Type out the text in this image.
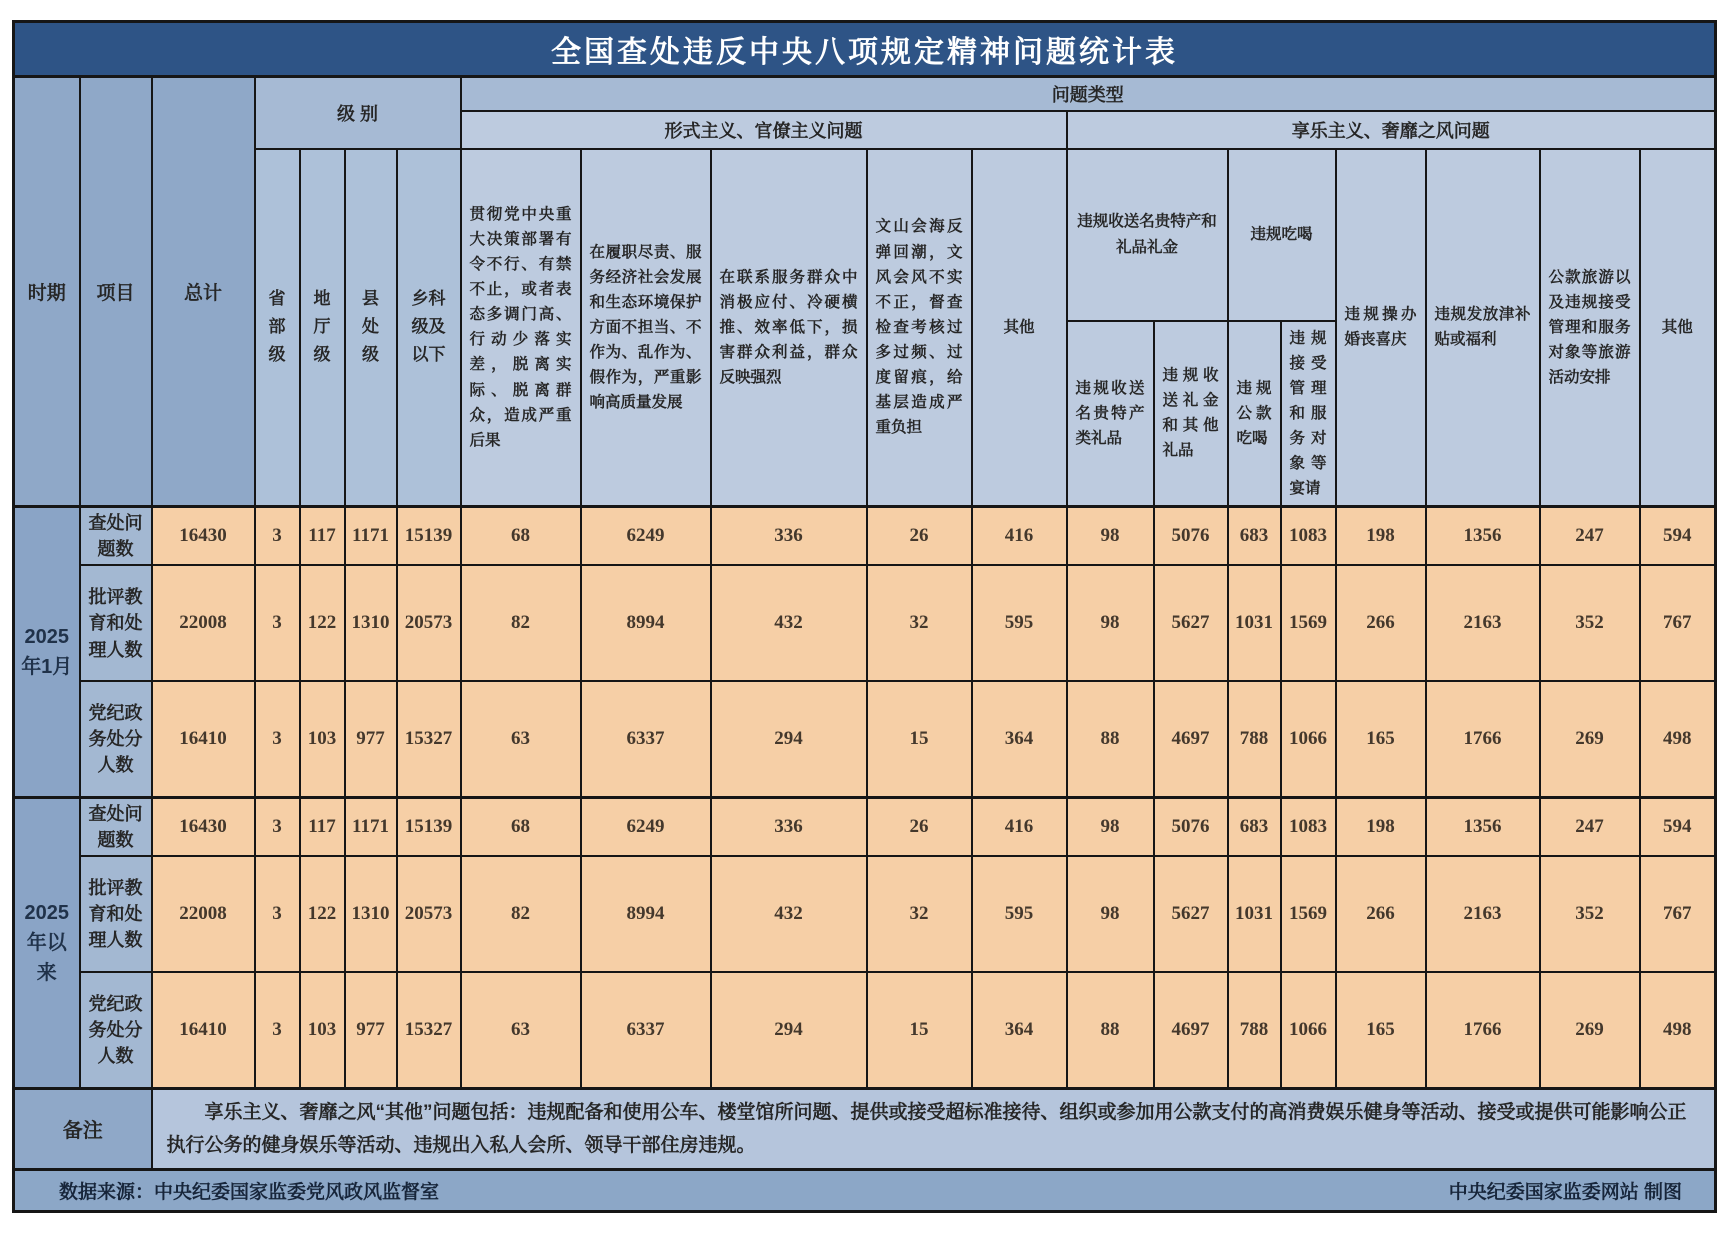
全国查处违反中央八项规定精神问题统计表																			
时期	项目	总计	级 别				问题类型												
							形式主义、官僚主义问题					享乐主义、奢靡之风问题							
			省部级	地厅级	县处级	乡科级及以下	贯彻党中央重大决策部署有令不行、有禁不止，或者表态多调门高、行动少落实差，脱离实际、脱离群众，造成严重后果	在履职尽责、服务经济社会发展和生态环境保护方面不担当、不作为、乱作为、假作为，严重影响高质量发展	在联系服务群众中消极应付、冷硬横推、效率低下，损害群众利益，群众反映强烈	文山会海反弹回潮，文风会风不实不正，督查检查考核过多过频、过度留痕，给基层造成严重负担	其他	违规收送名贵特产和礼品礼金		违规吃喝		违规操办婚丧喜庆	违规发放津补贴或福利	公款旅游以及违规接受管理和服务对象等旅游活动安排	其他
												违规收送名贵特产类礼品	违规收送礼金和其他礼品	违规公款吃喝	违规接受管理和服务对象等宴请				
2025年1月	查处问题数	16430	3	117	1171	15139	68	6249	336	26	416	98	5076	683	1083	198	1356	247	594
	批评教育和处理人数	22008	3	122	1310	20573	82	8994	432	32	595	98	5627	1031	1569	266	2163	352	767
	党纪政务处分人数	16410	3	103	977	15327	63	6337	294	15	364	88	4697	788	1066	165	1766	269	498
2025年以来	查处问题数	16430	3	117	1171	15139	68	6249	336	26	416	98	5076	683	1083	198	1356	247	594
	批评教育和处理人数	22008	3	122	1310	20573	82	8994	432	32	595	98	5627	1031	1569	266	2163	352	767
	党纪政务处分人数	16410	3	103	977	15327	63	6337	294	15	364	88	4697	788	1066	165	1766	269	498
备注		享乐主义、奢靡之风“其他”问题包括：违规配备和使用公车、楼堂馆所问题、提供或接受超标准接待、组织或参加用公款支付的高消费娱乐健身等活动、接受或提供可能影响公正执行公务的健身娱乐等活动、违规出入私人会所、领导干部住房违规。																	

数据来源：中央纪委国家监委党风政风监督室 中央纪委国家监委网站 制图																			
